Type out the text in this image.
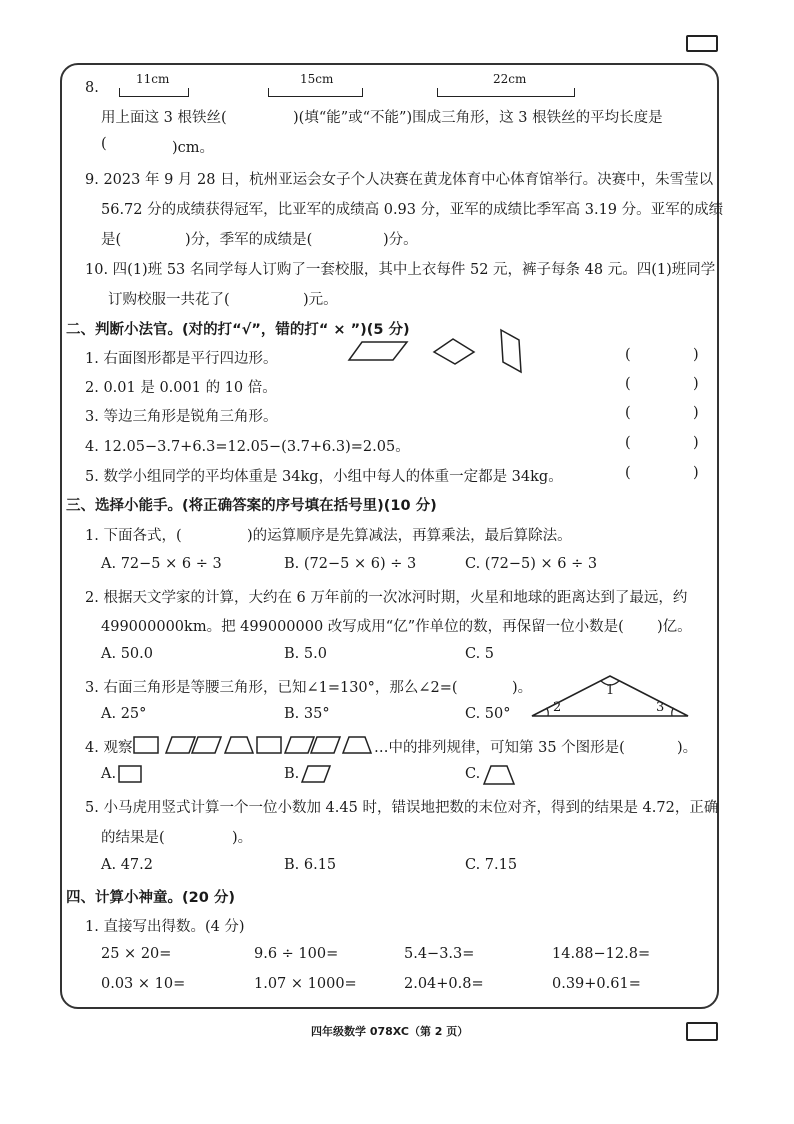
8.
11cm	15cm	22cm
用上面这 3 根铁丝(	)(填“能”或“不能”)围成三角形，这 3 根铁丝的平均长度是
(	)cm。
9. 2023 年 9 月 28 日，杭州亚运会女子个人决赛在黄龙体育中心体育馆举行。决赛中，朱雪莹以
56.72 分的成绩获得冠军，比亚军的成绩高 0.93 分，亚军的成绩比季军高 3.19 分。亚军的成绩
是(	)分，季军的成绩是(	)分。
10. 四(1)班 53 名同学每人订购了一套校服，其中上衣每件 52 元，裤子每条 48 元。四(1)班同学
订购校服一共花了(	)元。
二、判断小法官。(对的打“√”，错的打“ × ”)(5 分)
1. 右面图形都是平行四边形。
2. 0.01 是 0.001 的 10 倍。
3. 等边三角形是锐角三角形。
4. 12.05−3.7+6.3=12.05−(3.7+6.3)=2.05。
5. 数学小组同学的平均体重是 34kg，小组中每人的体重一定都是 34kg。
(	)
(	)
(	)
(	)
(	)
三、选择小能手。(将正确答案的序号填在括号里)(10 分)
1. 下面各式，(	)的运算顺序是先算减法，再算乘法，最后算除法。
A. 72−5 × 6 ÷ 3	B. (72−5 × 6) ÷ 3	C. (72−5) × 6 ÷ 3
2. 根据天文学家的计算，大约在 6 万年前的一次冰河时期，火星和地球的距离达到了最远，约
499000000km。把 499000000 改写成用“亿”作单位的数，再保留一位小数是( )亿。
A. 50.0	B. 5.0	C. 5
3. 右面三角形是等腰三角形，已知∠1=130°，那么∠2=(	)。
A. 25°	B. 35°	C. 50°
1
2	3
4. 观察	…中的排列规律，可知第 35 个图形是(	)。
A.	B.	C.
5. 小马虎用竖式计算一个一位小数加 4.45 时，错误地把数的末位对齐，得到的结果是 4.72，正确
的结果是(	)。
A. 47.2	B. 6.15	C. 7.15
四、计算小神童。(20 分)
1. 直接写出得数。(4 分)
25 × 20=	9.6 ÷ 100=	5.4−3.3=	14.88−12.8=
0.03 × 10=	1.07 × 1000=	2.04+0.8=	0.39+0.61=
四年级数学 078XC（第 2 页）
